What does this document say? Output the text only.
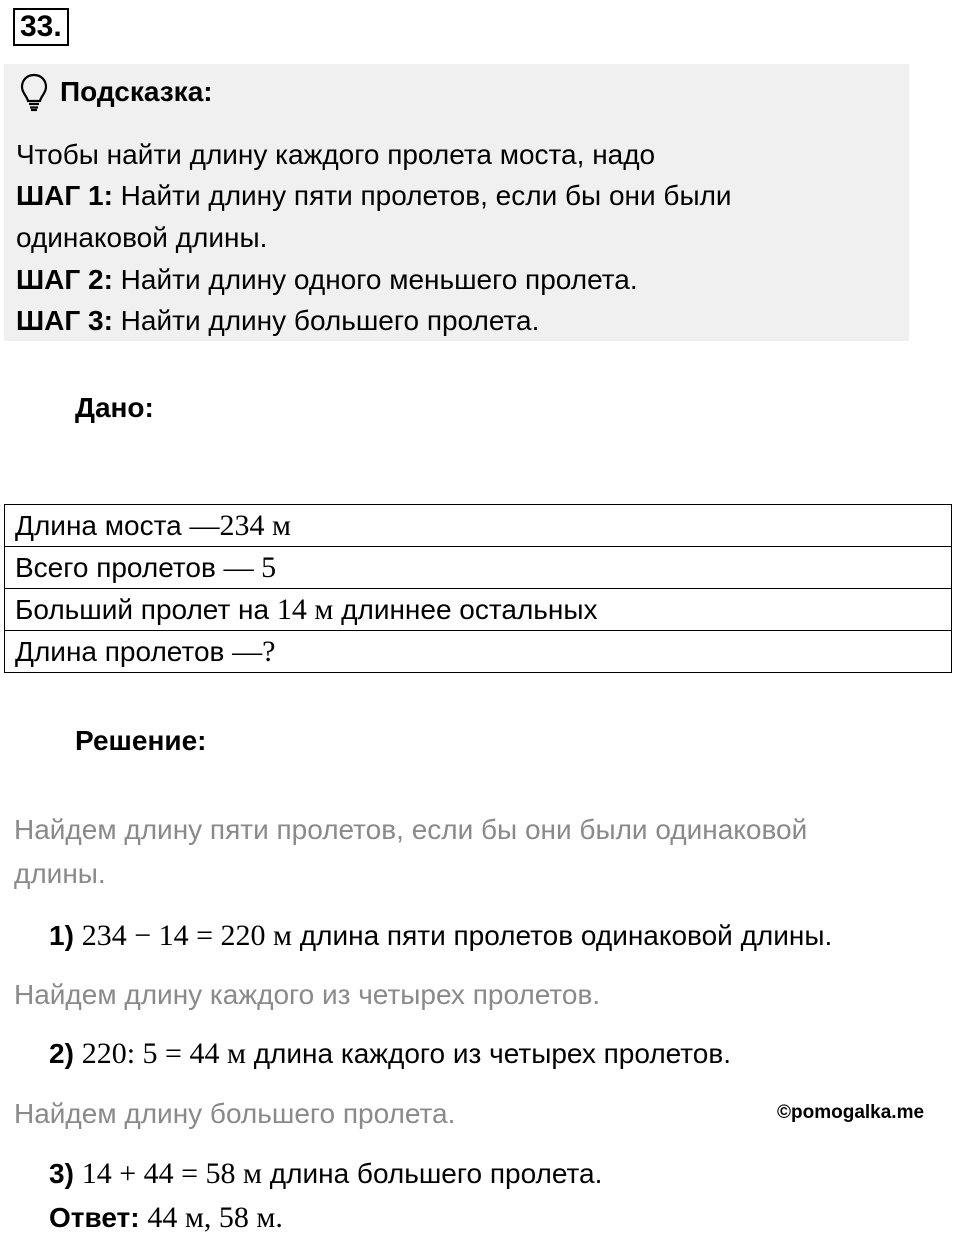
33.
Подсказка:
Чтобы найти длину каждого пролета моста, надо
ШАГ 1: Найти длину пяти пролетов, если бы они были
одинаковой длины.
ШАГ 2: Найти длину одного меньшего пролета.
ШАГ 3: Найти длину большего пролета.
Дано:
Длина моста —234 м
Всего пролетов — 5
Больший пролет на 14 м длиннее остальных
Длина пролетов —?
Решение:
Найдем длину пяти пролетов, если бы они были одинаковой
длины.
1) 234 − 14 = 220 м длина пяти пролетов одинаковой длины.
Найдем длину каждого из четырех пролетов.
2) 220: 5 = 44 м длина каждого из четырех пролетов.
Найдем длину большего пролета.	©pomogalka.me
3) 14 + 44 = 58 м длина большего пролета.
Ответ: 44 м, 58 м.
